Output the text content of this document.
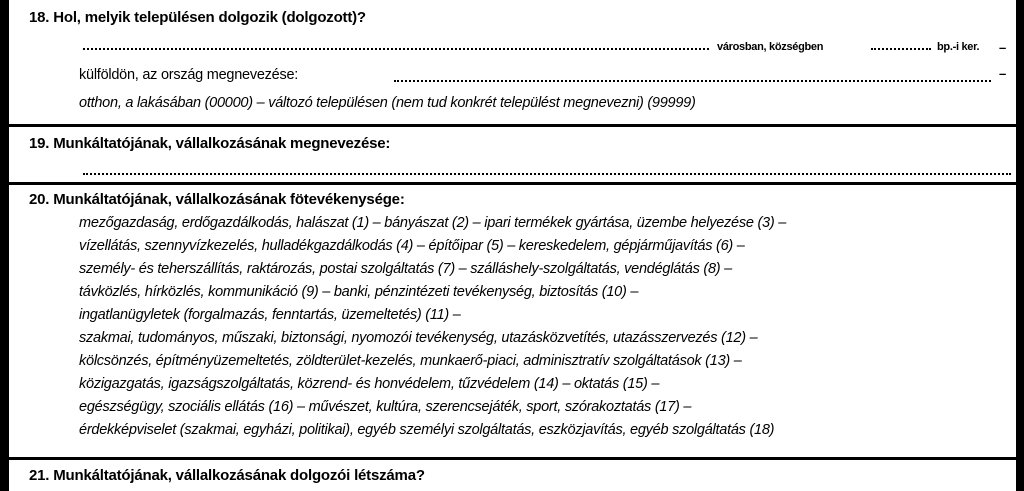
18. Hol, melyik településen dolgozik (dolgozott)?
városban, községben	bp.-i ker. –
külföldön, az ország megnevezése:	–
otthon, a lakásában (00000) – változó településen (nem tud konkrét települést megnevezni) (99999)
19. Munkáltatójának, vállalkozásának megnevezése:
20. Munkáltatójának, vállalkozásának fötevékenysége:
mezőgazdaság, erdőgazdálkodás, halászat (1) – bányászat (2) – ipari termékek gyártása, üzembe helyezése (3) –
vízellátás, szennyvízkezelés, hulladékgazdálkodás (4) – építőipar (5) – kereskedelem, gépjárműjavítás (6) –
személy- és teherszállítás, raktározás, postai szolgáltatás (7) – szálláshely-szolgáltatás, vendéglátás (8) –
távközlés, hírközlés, kommunikáció (9) – banki, pénzintézeti tevékenység, biztosítás (10) –
ingatlanügyletek (forgalmazás, fenntartás, üzemeltetés) (11) –
szakmai, tudományos, műszaki, biztonsági, nyomozói tevékenység, utazásközvetítés, utazásszervezés (12) –
kölcsönzés, építményüzemeltetés, zöldterület-kezelés, munkaerő-piaci, adminisztratív szolgáltatások (13) –
közigazgatás, igazságszolgáltatás, közrend- és honvédelem, tűzvédelem (14) – oktatás (15) –
egészségügy, szociális ellátás (16) – művészet, kultúra, szerencsejáték, sport, szórakoztatás (17) –
érdekképviselet (szakmai, egyházi, politikai), egyéb személyi szolgáltatás, eszközjavítás, egyéb szolgáltatás (18)
21. Munkáltatójának, vállalkozásának dolgozói létszáma?
